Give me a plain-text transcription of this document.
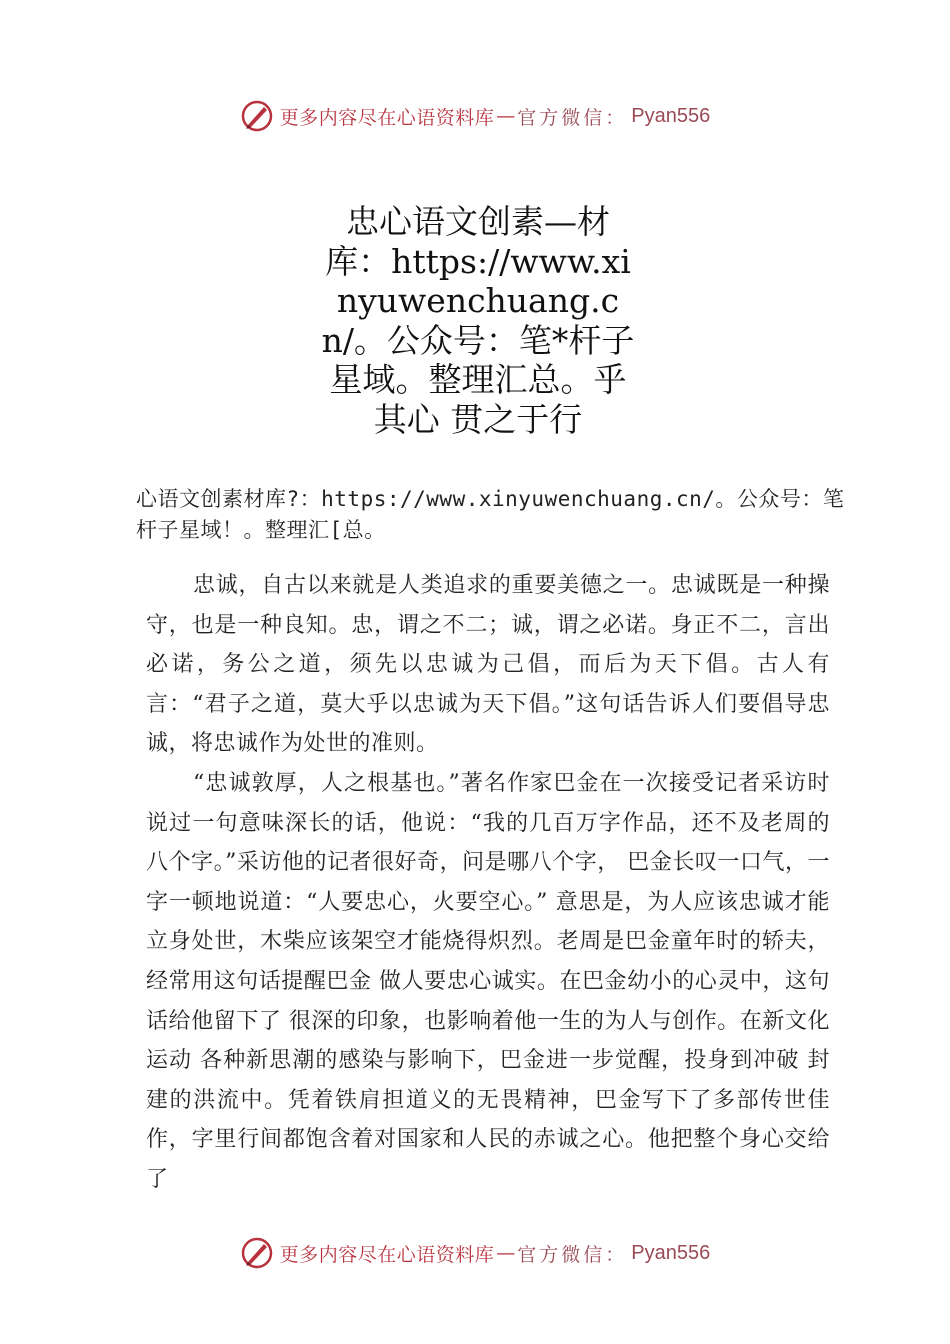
更多内容尽在心语资料库 — 官方微信： Pyan556
忠心语文创素—材库：https://www.xinyuwenchuang.cn/。公众号：笔*杆子星域。整理汇总。乎其心 贯之于行

心语文创素材库?：https://www.xinyuwenchuang.cn/。公众号：笔杆子星域！。整理汇[总。

忠诚，自古以来就是人类追求的重要美德之一。忠诚既是一种操守，也是一种良知。忠，谓之不二；诚，谓之必诺。身正不二，言出必诺，务公之道，须先以忠诚为己倡，而后为天下倡。古人有言：“君子之道，莫大乎以忠诚为天下倡。”这句话告诉人们要倡导忠诚，将忠诚作为处世的准则。

“忠诚敦厚，人之根基也。”著名作家巴金在一次接受记者采访时说过一句意味深长的话，他说：“我的几百万字作品，还不及老周的八个字。”采访他的记者很好奇，问是哪八个字， 巴金长叹一口气，一字一顿地说道：“人要忠心，火要空心。” 意思是，为人应该忠诚才能立身处世，木柴应该架空才能烧得炽烈。老周是巴金童年时的轿夫，经常用这句话提醒巴金 做人要忠心诚实。在巴金幼小的心灵中，这句话给他留下了 很深的印象，也影响着他一生的为人与创作。在新文化运动 各种新思潮的感染与影响下，巴金进一步觉醒，投身到冲破 封建的洪流中。凭着铁肩担道义的无畏精神，巴金写下了多部传世佳作，字里行间都饱含着对国家和人民的赤诚之心。他把整个身心交给了

更多内容尽在心语资料库 — 官方微信： Pyan556
